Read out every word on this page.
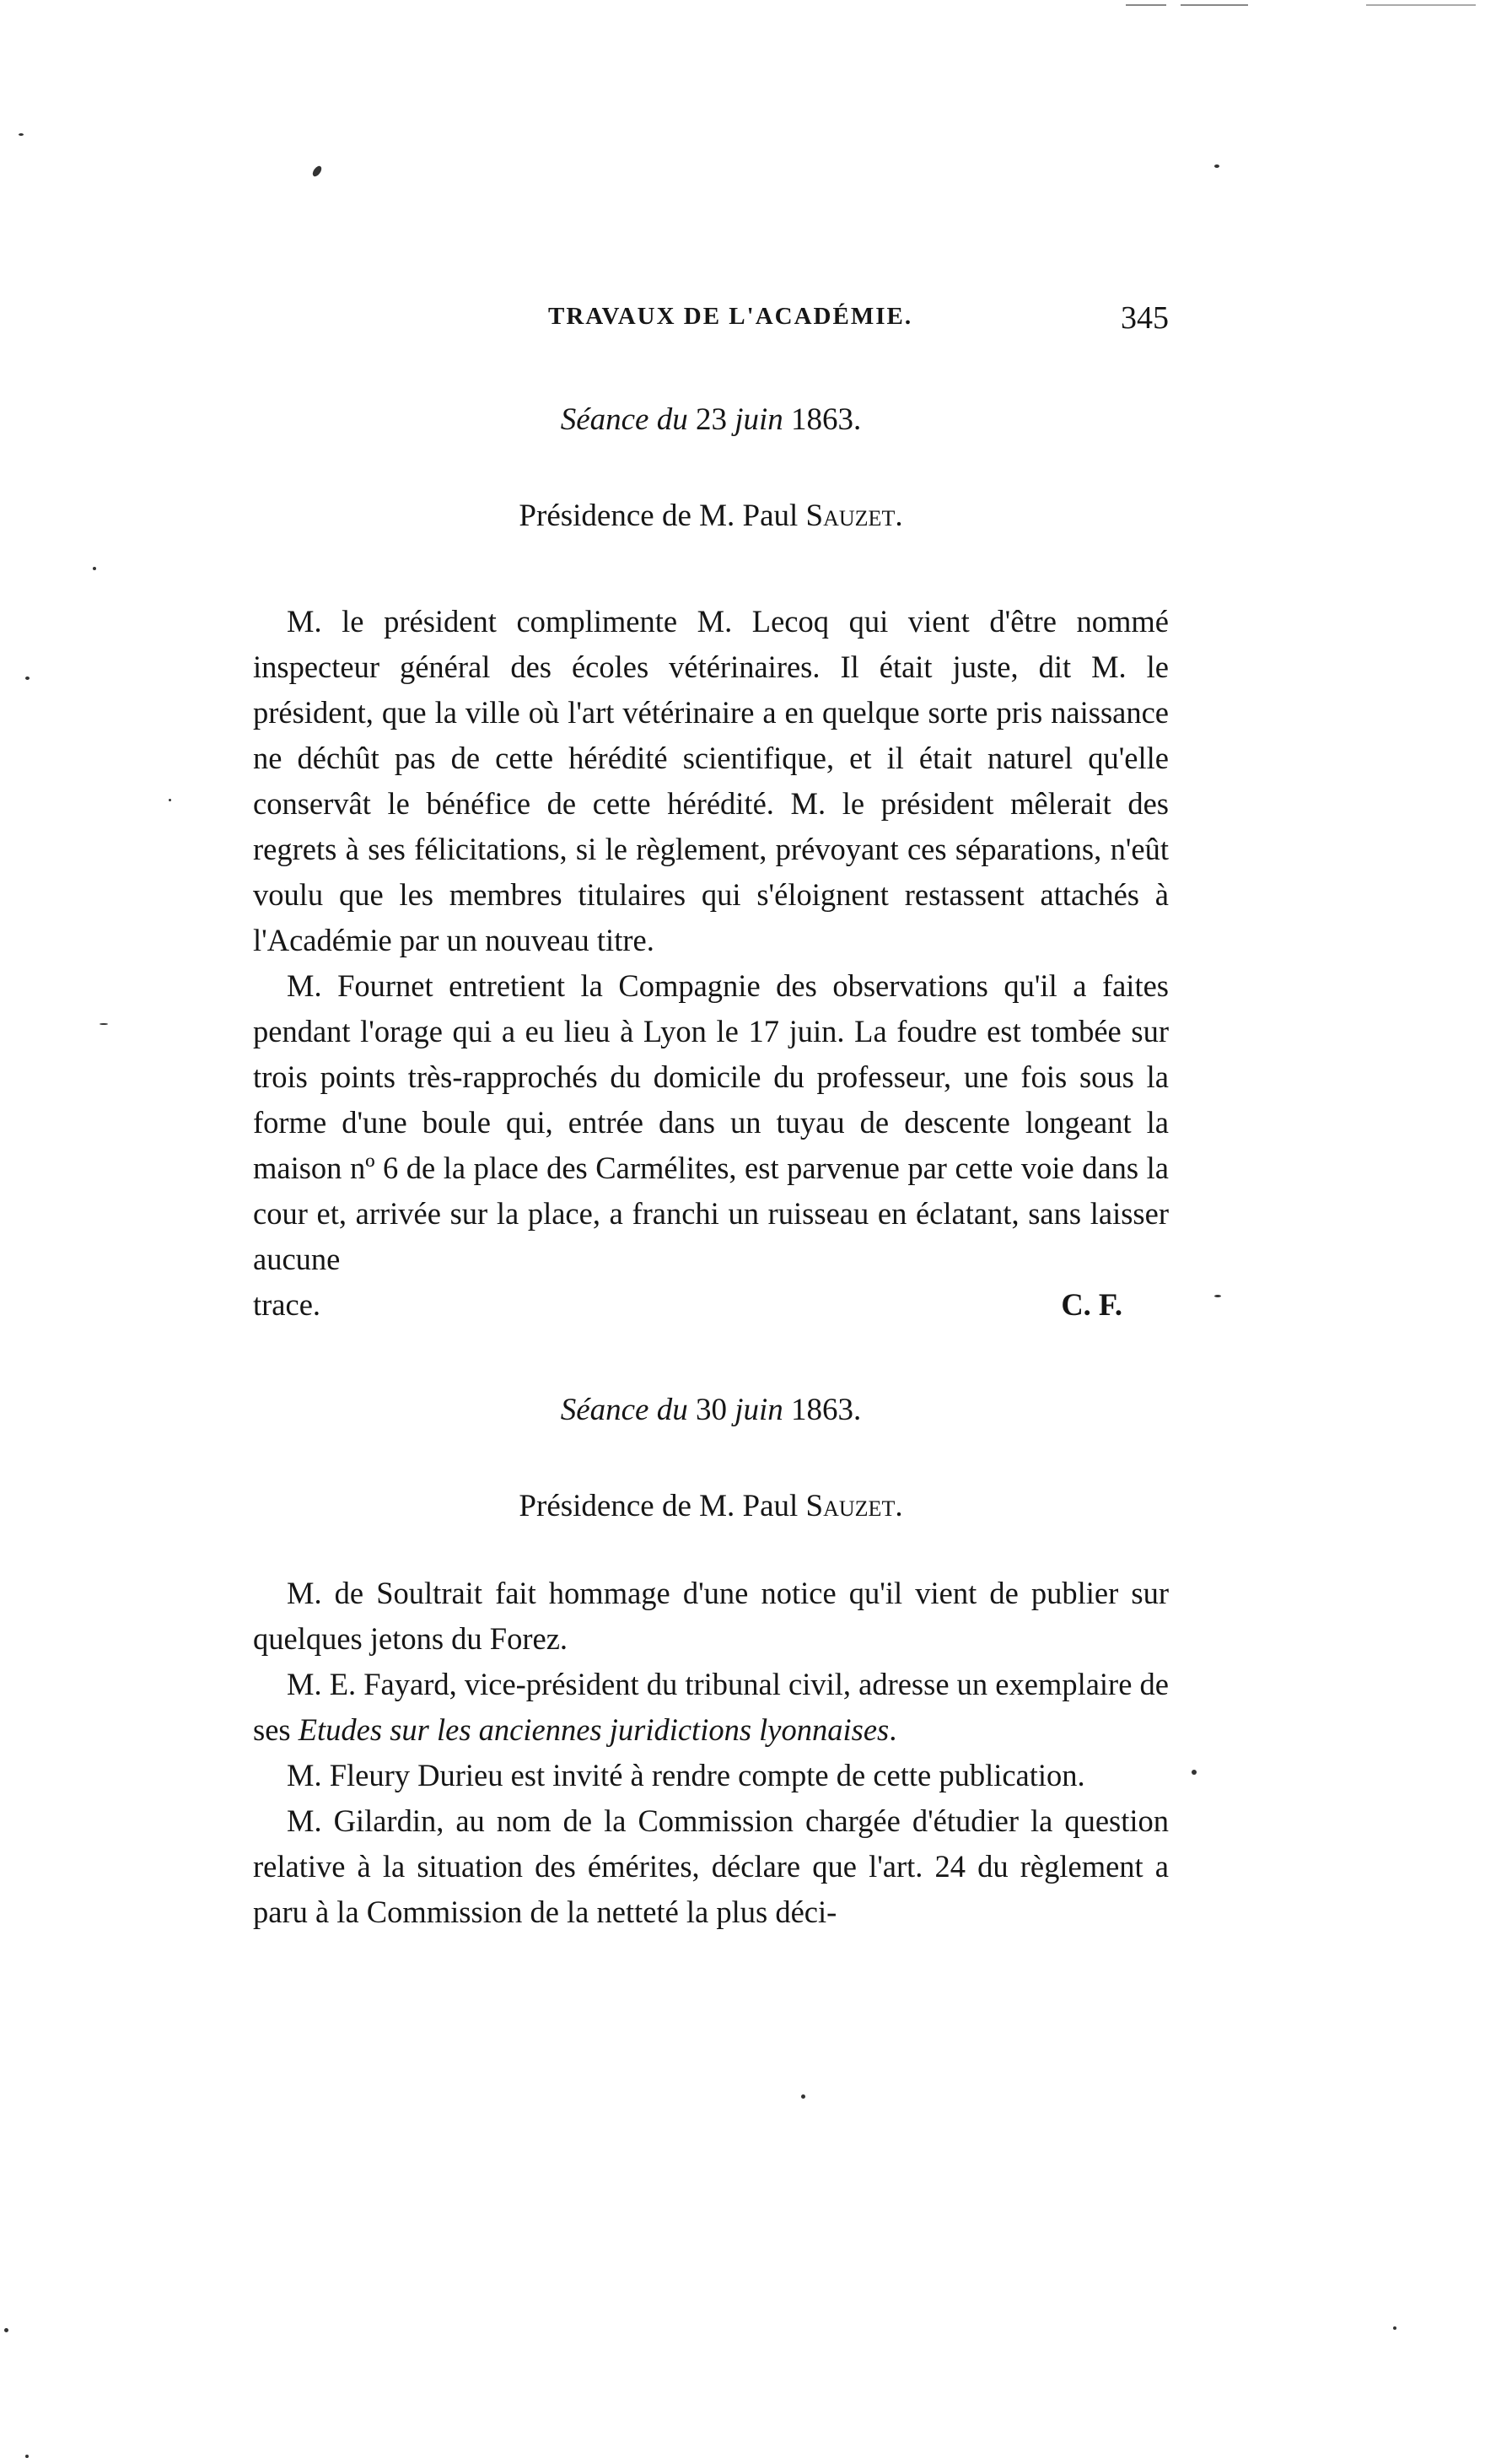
TRAVAUX DE L'ACADÉMIE.	345
Séance du 23 juin 1863.
Présidence de M. Paul Sauzet.

M. le président complimente M. Lecoq qui vient d'être nommé inspecteur général des écoles vétérinaires. Il était juste, dit M. le président, que la ville où l'art vétérinaire a en quelque sorte pris naissance ne déchût pas de cette hérédité scientifique, et il était naturel qu'elle conservât le bénéfice de cette hérédité. M. le président mêlerait des regrets à ses félicitations, si le règlement, prévoyant ces séparations, n'eût voulu que les membres titulaires qui s'éloignent restassent attachés à l'Académie par un nouveau titre.

M. Fournet entretient la Compagnie des observations qu'il a faites pendant l'orage qui a eu lieu à Lyon le 17 juin. La foudre est tombée sur trois points très-rapprochés du domicile du professeur, une fois sous la forme d'une boule qui, entrée dans un tuyau de descente longeant la maison nº 6 de la place des Carmélites, est parvenue par cette voie dans la cour et, arrivée sur la place, a franchi un ruisseau en éclatant, sans laisser aucune

trace.	C. F.
Séance du 30 juin 1863.
Présidence de M. Paul Sauzet.

M. de Soultrait fait hommage d'une notice qu'il vient de publier sur quelques jetons du Forez.

M. E. Fayard, vice-président du tribunal civil, adresse un exemplaire de ses Etudes sur les anciennes juridictions lyonnaises.

M. Fleury Durieu est invité à rendre compte de cette publication.

M. Gilardin, au nom de la Commission chargée d'étudier la question relative à la situation des émérites, déclare que l'art. 24 du règlement a paru à la Commission de la netteté la plus déci-
